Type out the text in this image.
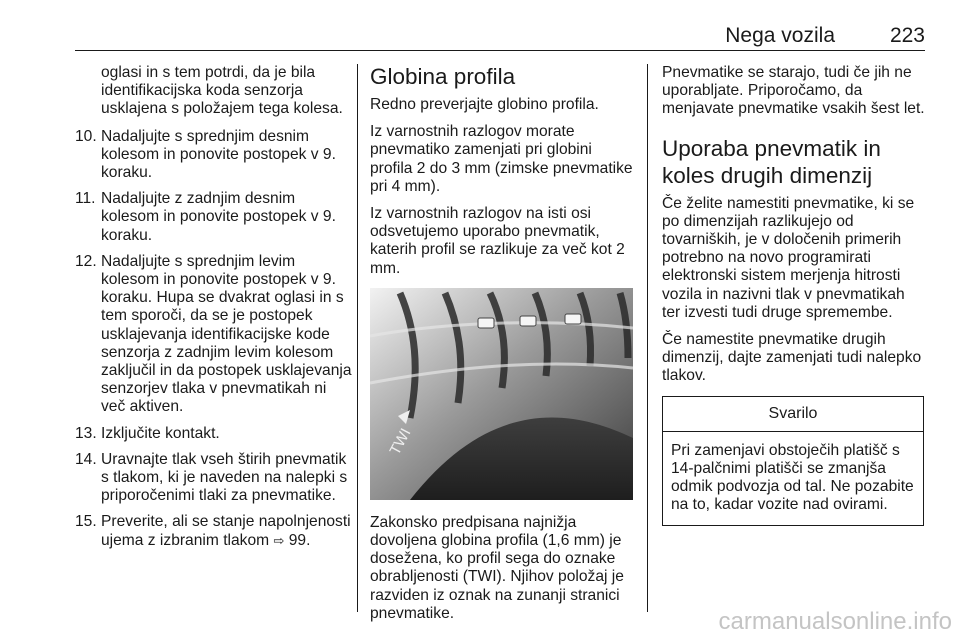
Nega vozila	223
oglasi in s tem potrdi, da je bila identifikacijska koda senzorja usklajena s položajem tega kolesa.
10. Nadaljujte s sprednjim desnim kolesom in ponovite postopek v 9. koraku.
11. Nadaljujte z zadnjim desnim kolesom in ponovite postopek v 9. koraku.
12. Nadaljujte s sprednjim levim kolesom in ponovite postopek v 9. koraku. Hupa se dvakrat oglasi in s tem sporoči, da se je postopek usklajevanja identifikacijske kode senzorja z zadnjim levim kolesom zaključil in da postopek usklajevanja senzorjev tlaka v pnevmatikah ni več aktiven.
13. Izključite kontakt.
14. Uravnajte tlak vseh štirih pnevmatik s tlakom, ki je naveden na nalepki s priporočenimi tlaki za pnevmatike.
15. Preverite, ali se stanje napolnjenosti ujema z izbranim tlakom ⇨ 99.
Globina profila

Redno preverjajte globino profila.

Iz varnostnih razlogov morate pnevmatiko zamenjati pri globini profila 2 do 3 mm (zimske pnevmatike pri 4 mm).

Iz varnostnih razlogov na isti osi odsvetujemo uporabo pnevmatik, katerih profil se razlikuje za več kot 2 mm.

TWI

Zakonsko predpisana najnižja dovoljena globina profila (1,6 mm) je dosežena, ko profil sega do oznake obrabljenosti (TWI). Njihov položaj je razviden iz oznak na zunanji stranici pnevmatike.

Pnevmatike se starajo, tudi če jih ne uporabljate. Priporočamo, da menjavate pnevmatike vsakih šest let.

Uporaba pnevmatik in koles drugih dimenzij

Če želite namestiti pnevmatike, ki se po dimenzijah razlikujejo od tovarniških, je v določenih primerih potrebno na novo programirati elektronski sistem merjenja hitrosti vozila in nazivni tlak v pnevmatikah ter izvesti tudi druge spremembe.

Če namestite pnevmatike drugih dimenzij, dajte zamenjati tudi nalepko tlakov.

Svarilo
Pri zamenjavi obstoječih platišč s 14-palčnimi platišči se zmanjša odmik podvozja od tal. Ne pozabite na to, kadar vozite nad ovirami.
carmanualsonline.info
